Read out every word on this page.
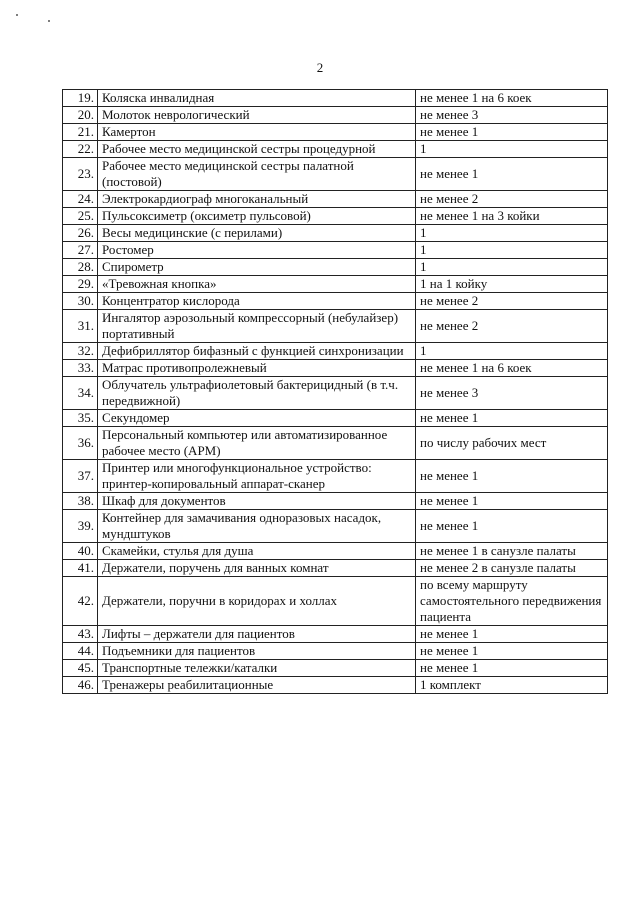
2
19.	Коляска инвалидная	не менее 1 на 6 коек
20.	Молоток неврологический	не менее 3
21.	Камертон	не менее 1
22.	Рабочее место медицинской сестры процедурной	1
23.	Рабочее место медицинской сестры палатной (постовой)	не менее 1
24.	Электрокардиограф многоканальный	не менее 2
25.	Пульсоксиметр (оксиметр пульсовой)	не менее 1 на 3 койки
26.	Весы медицинские (с перилами)	1
27.	Ростомер	1
28.	Спирометр	1
29.	«Тревожная кнопка»	1 на 1 койку
30.	Концентратор кислорода	не менее 2
31.	Ингалятор аэрозольный компрессорный (небулайзер) портативный	не менее 2
32.	Дефибриллятор бифазный с функцией синхронизации	1
33.	Матрас противопролежневый	не менее 1 на 6 коек
34.	Облучатель ультрафиолетовый бактерицидный (в т.ч. передвижной)	не менее 3
35.	Секундомер	не менее 1
36.	Персональный компьютер или автоматизированное рабочее место (АРМ)	по числу рабочих мест
37.	Принтер или многофункциональное устройство: принтер-копировальный аппарат-сканер	не менее 1
38.	Шкаф для документов	не менее 1
39.	Контейнер для замачивания одноразовых насадок, мундштуков	не менее 1
40.	Скамейки, стулья для душа	не менее 1 в санузле палаты
41.	Держатели, поручень для ванных комнат	не менее 2 в санузле палаты
42.	Держатели, поручни в коридорах и холлах	по всему маршруту самостоятельного передвижения пациента
43.	Лифты – держатели для пациентов	не менее 1
44.	Подъемники для пациентов	не менее 1
45.	Транспортные тележки/каталки	не менее 1
46.	Тренажеры реабилитационные	1 комплект
